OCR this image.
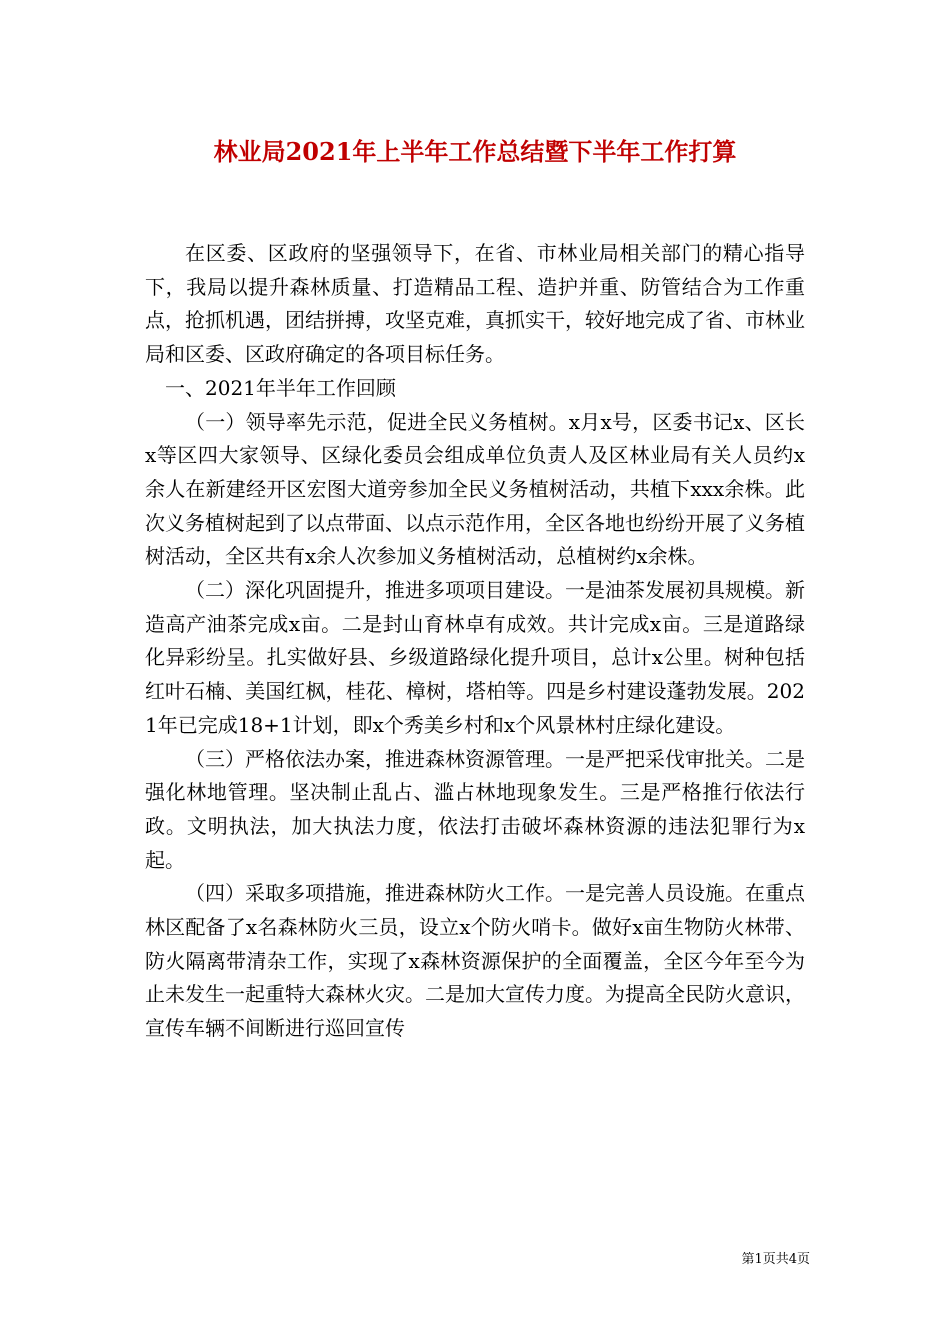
林业局2021年上半年工作总结暨下半年工作打算

在区委、区政府的坚强领导下，在省、市林业局相关部门的精心指导下，我局以提升森林质量、打造精品工程、造护并重、防管结合为工作重点，抢抓机遇，团结拼搏，攻坚克难，真抓实干，较好地完成了省、市林业局和区委、区政府确定的各项目标任务。

一、2021年半年工作回顾

（一）领导率先示范，促进全民义务植树。x月x号，区委书记x、区长x等区四大家领导、区绿化委员会组成单位负责人及区林业局有关人员约x余人在新建经开区宏图大道旁参加全民义务植树活动，共植下xxx余株。此次义务植树起到了以点带面、以点示范作用，全区各地也纷纷开展了义务植树活动，全区共有x余人次参加义务植树活动，总植树约x余株。

（二）深化巩固提升，推进多项项目建设。一是油茶发展初具规模。新造高产油茶完成x亩。二是封山育林卓有成效。共计完成x亩。三是道路绿化异彩纷呈。扎实做好县、乡级道路绿化提升项目，总计x公里。树种包括红叶石楠、美国红枫，桂花、樟树，塔柏等。四是乡村建设蓬勃发展。2021年已完成18+1计划，即x个秀美乡村和x个风景林村庄绿化建设。

（三）严格依法办案，推进森林资源管理。一是严把采伐审批关。二是强化林地管理。坚决制止乱占、滥占林地现象发生。三是严格推行依法行政。文明执法，加大执法力度，依法打击破坏森林资源的违法犯罪行为x起。

（四）采取多项措施，推进森林防火工作。一是完善人员设施。在重点林区配备了x名森林防火三员，设立x个防火哨卡。做好x亩生物防火林带、防火隔离带清杂工作，实现了x森林资源保护的全面覆盖，全区今年至今为止未发生一起重特大森林火灾。二是加大宣传力度。为提高全民防火意识，宣传车辆不间断进行巡回宣传

第1页共4页
